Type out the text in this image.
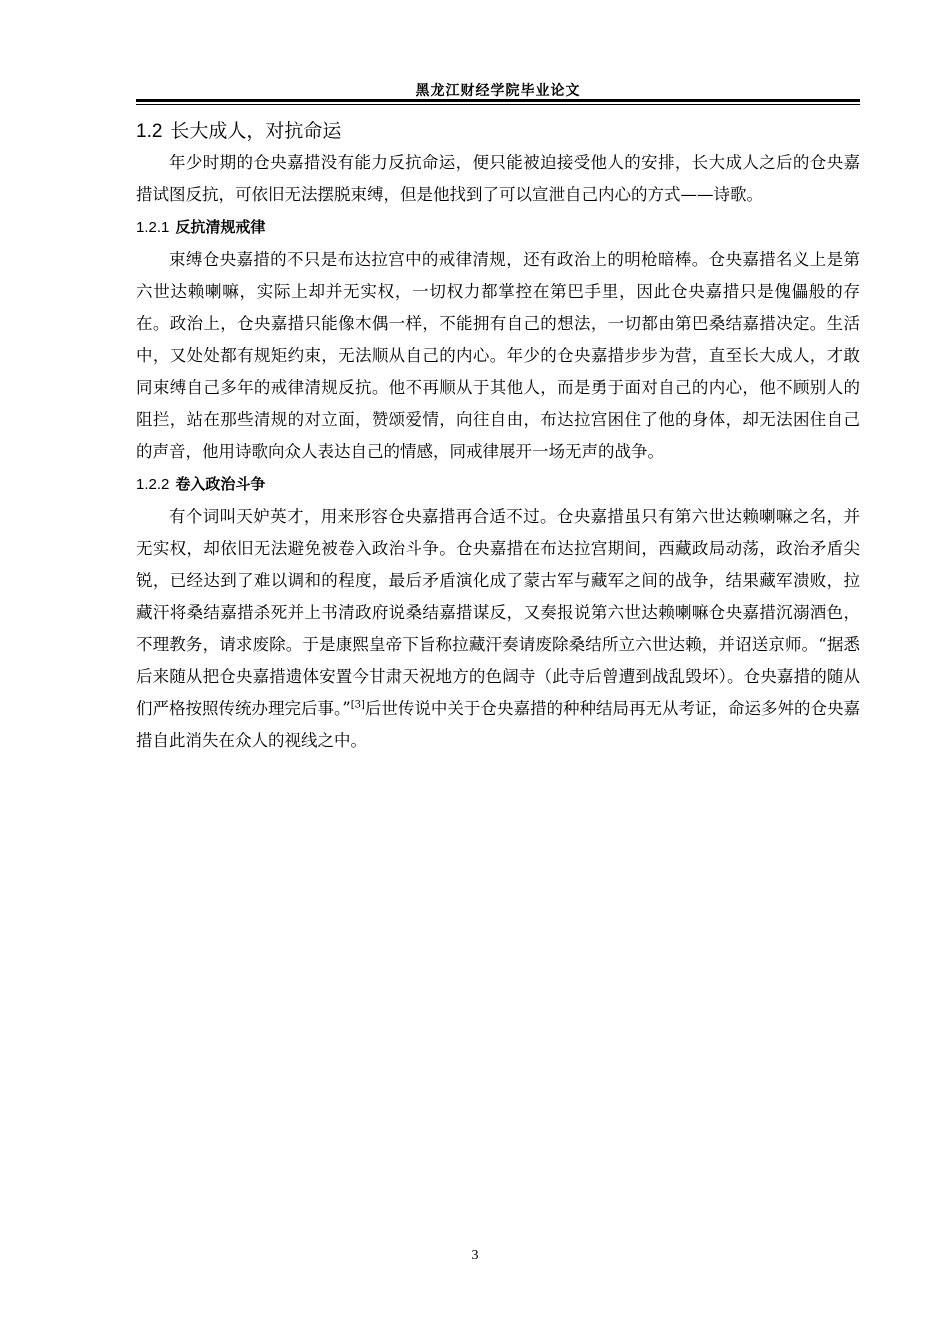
黑龙江财经学院毕业论文
1.2 长大成人，对抗命运

年少时期的仓央嘉措没有能力反抗命运，便只能被迫接受他人的安排，长大成人之后的仓央嘉措试图反抗，可依旧无法摆脱束缚，但是他找到了可以宣泄自己内心的方式——诗歌。

1.2.1 反抗清规戒律

束缚仓央嘉措的不只是布达拉宫中的戒律清规，还有政治上的明枪暗棒。仓央嘉措名义上是第六世达赖喇嘛，实际上却并无实权，一切权力都掌控在第巴手里，因此仓央嘉措只是傀儡般的存在。政治上，仓央嘉措只能像木偶一样，不能拥有自己的想法，一切都由第巴桑结嘉措决定。生活中，又处处都有规矩约束，无法顺从自己的内心。年少的仓央嘉措步步为营，直至长大成人，才敢同束缚自己多年的戒律清规反抗。他不再顺从于其他人，而是勇于面对自己的内心，他不顾别人的阻拦，站在那些清规的对立面，赞颂爱情，向往自由，布达拉宫困住了他的身体，却无法困住自己的声音，他用诗歌向众人表达自己的情感，同戒律展开一场无声的战争。

1.2.2 卷入政治斗争

有个词叫天妒英才，用来形容仓央嘉措再合适不过。仓央嘉措虽只有第六世达赖喇嘛之名，并无实权，却依旧无法避免被卷入政治斗争。仓央嘉措在布达拉宫期间，西藏政局动荡，政治矛盾尖锐，已经达到了难以调和的程度，最后矛盾演化成了蒙古军与藏军之间的战争，结果藏军溃败，拉藏汗将桑结嘉措杀死并上书清政府说桑结嘉措谋反，又奏报说第六世达赖喇嘛仓央嘉措沉溺酒色，不理教务，请求废除。于是康熙皇帝下旨称拉藏汗奏请废除桑结所立六世达赖，并诏送京师。“据悉后来随从把仓央嘉措遗体安置今甘肃天祝地方的色阔寺（此寺后曾遭到战乱毁坏）。仓央嘉措的随从们严格按照传统办理完后事。”[3]后世传说中关于仓央嘉措的种种结局再无从考证，命运多舛的仓央嘉措自此消失在众人的视线之中。

3
